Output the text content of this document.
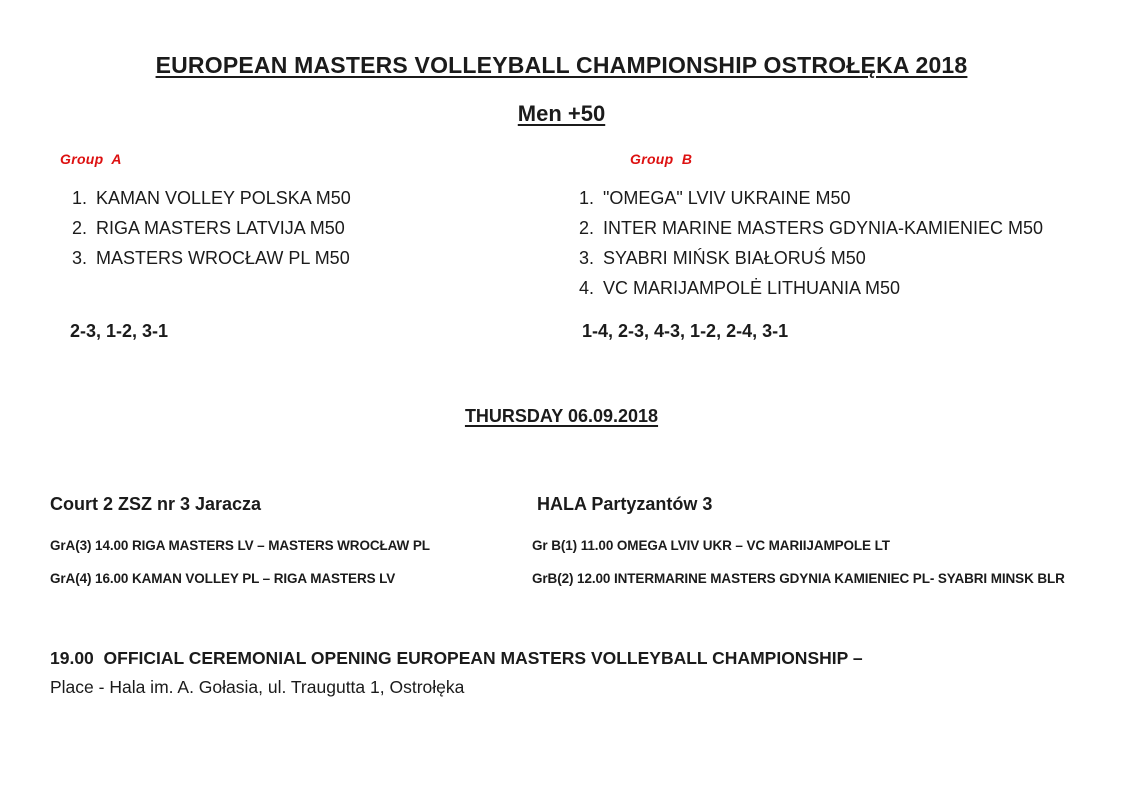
EUROPEAN MASTERS VOLLEYBALL CHAMPIONSHIP OSTROŁĘKA 2018
Men +50
Group  A	Group  B
1. KAMAN VOLLEY POLSKA M50
2. RIGA MASTERS LATVIJA M50
3. MASTERS WROCŁAW PL M50
1. "OMEGA" LVIV UKRAINE M50
2. INTER MARINE MASTERS GDYNIA-KAMIENIEC M50
3. SYABRI MIŃSK BIAŁORUŚ M50
4. VC MARIJAMPOLĖ LITHUANIA M50
2-3, 1-2, 3-1	1-4, 2-3, 4-3, 1-2, 2-4, 3-1
THURSDAY 06.09.2018
Court 2 ZSZ nr 3 Jaracza	HALA Partyzantów 3
GrA(3) 14.00 RIGA MASTERS LV – MASTERS WROCŁAW PL
GrA(4) 16.00 KAMAN VOLLEY PL – RIGA MASTERS LV
Gr B(1) 11.00 OMEGA LVIV UKR – VC MARIIJAMPOLE LT
GrB(2) 12.00 INTERMARINE MASTERS GDYNIA KAMIENIEC PL- SYABRI MINSK BLR
19.00  OFFICIAL CEREMONIAL OPENING EUROPEAN MASTERS VOLLEYBALL CHAMPIONSHIP –
Place - Hala im. A. Gołasia, ul. Traugutta 1, Ostrołęka
